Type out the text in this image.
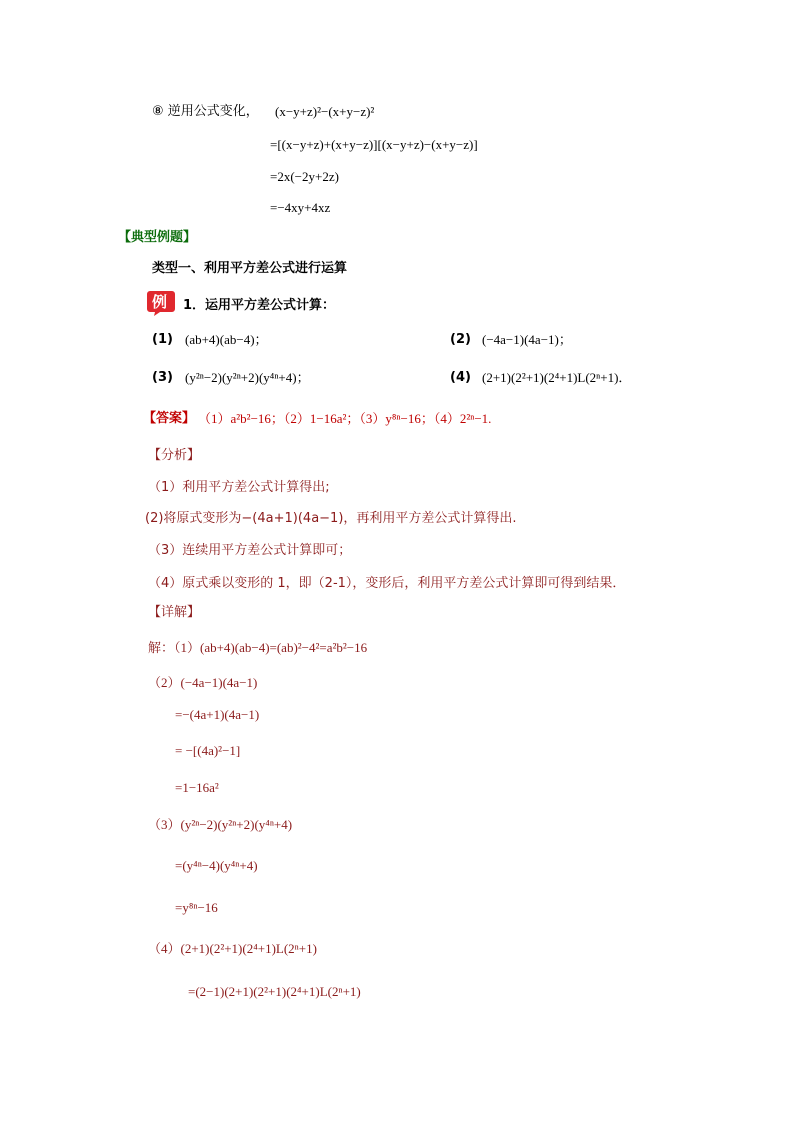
⑧ 逆用公式变化， (x−y+z)²−(x+y−z)²
=[(x−y+z)+(x+y−z)][(x−y+z)−(x+y−z)]
=2x(−2y+2z)
=−4xy+4xz
【典型例题】
类型一、利用平方差公式进行运算
例 1．运用平方差公式计算：
(1) (ab+4)(ab−4)；	(2) (−4a−1)(4a−1)；
(3) (y²ⁿ−2)(y²ⁿ+2)(y⁴ⁿ+4)；	(4) (2+1)(2²+1)(2⁴+1)L(2ⁿ+1)．
【答案】 （1）a²b²−16；（2）1−16a²；（3）y⁸ⁿ−16；（4）2²ⁿ−1.
【分析】
（1）利用平方差公式计算得出;
(2)将原式变形为−(4a+1)(4a−1)，再利用平方差公式计算得出.
（3）连续用平方差公式计算即可；
（4）原式乘以变形的 1，即（2-1），变形后，利用平方差公式计算即可得到结果．
【详解】
解：（1）(ab+4)(ab−4)=(ab)²−4²=a²b²−16
（2）(−4a−1)(4a−1)
=−(4a+1)(4a−1)
= −[(4a)²−1]
=1−16a²
（3）(y²ⁿ−2)(y²ⁿ+2)(y⁴ⁿ+4)
=(y⁴ⁿ−4)(y⁴ⁿ+4)
=y⁸ⁿ−16
（4）(2+1)(2²+1)(2⁴+1)L(2ⁿ+1)
=(2−1)(2+1)(2²+1)(2⁴+1)L(2ⁿ+1)
